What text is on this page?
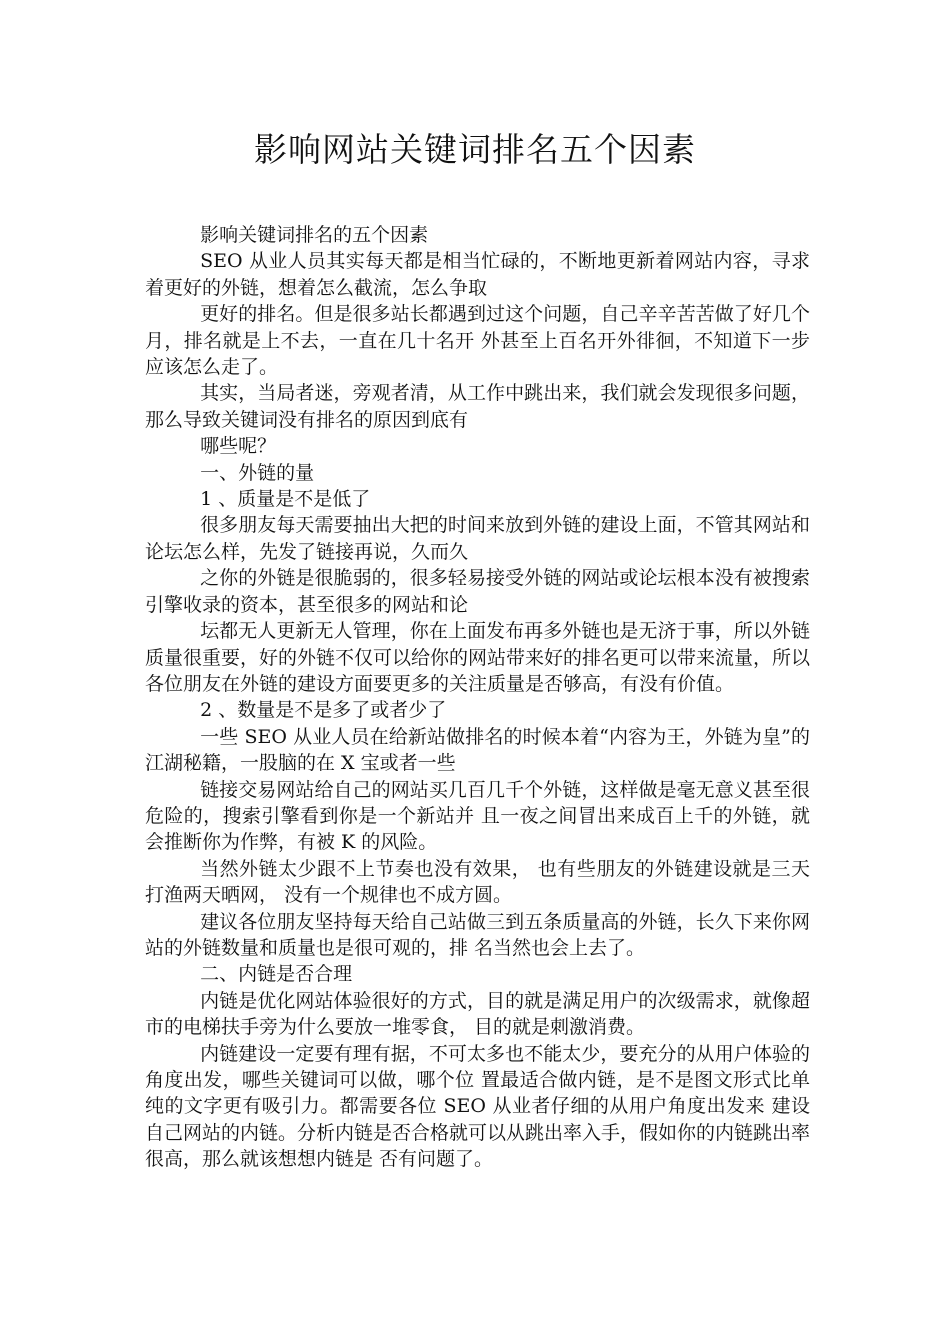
影响网站关键词排名五个因素

影响关键词排名的五个因素

SEO 从业人员其实每天都是相当忙碌的，不断地更新着网站内容，寻求着更好的外链，想着怎么截流，怎么争取

更好的排名。但是很多站长都遇到过这个问题，自己辛辛苦苦做了好几个月，排名就是上不去，一直在几十名开 外甚至上百名开外徘徊，不知道下一步应该怎么走了。

其实，当局者迷，旁观者清，从工作中跳出来，我们就会发现很多问题，那么导致关键词没有排名的原因到底有

哪些呢？

一、外链的量

1 、质量是不是低了

很多朋友每天需要抽出大把的时间来放到外链的建设上面，不管其网站和论坛怎么样，先发了链接再说，久而久

之你的外链是很脆弱的，很多轻易接受外链的网站或论坛根本没有被搜索引擎收录的资本，甚至很多的网站和论

坛都无人更新无人管理，你在上面发布再多外链也是无济于事，所以外链质量很重要，好的外链不仅可以给你的网站带来好的排名更可以带来流量，所以各位朋友在外链的建设方面要更多的关注质量是否够高，有没有价值。

2 、数量是不是多了或者少了

一些 SEO 从业人员在给新站做排名的时候本着“内容为王，外链为皇”的江湖秘籍，一股脑的在 X 宝或者一些

链接交易网站给自己的网站买几百几千个外链，这样做是毫无意义甚至很危险的，搜索引擎看到你是一个新站并 且一夜之间冒出来成百上千的外链，就会推断你为作弊，有被 K 的风险。

当然外链太少跟不上节奏也没有效果， 也有些朋友的外链建设就是三天打渔两天晒网， 没有一个规律也不成方圆。

建议各位朋友坚持每天给自己站做三到五条质量高的外链，长久下来你网站的外链数量和质量也是很可观的，排 名当然也会上去了。

二、内链是否合理

内链是优化网站体验很好的方式，目的就是满足用户的次级需求，就像超市的电梯扶手旁为什么要放一堆零食， 目的就是刺激消费。

内链建设一定要有理有据，不可太多也不能太少，要充分的从用户体验的角度出发，哪些关键词可以做，哪个位 置最适合做内链，是不是图文形式比单纯的文字更有吸引力。都需要各位 SEO 从业者仔细的从用户角度出发来 建设自己网站的内链。分析内链是否合格就可以从跳出率入手，假如你的内链跳出率很高，那么就该想想内链是 否有问题了。
